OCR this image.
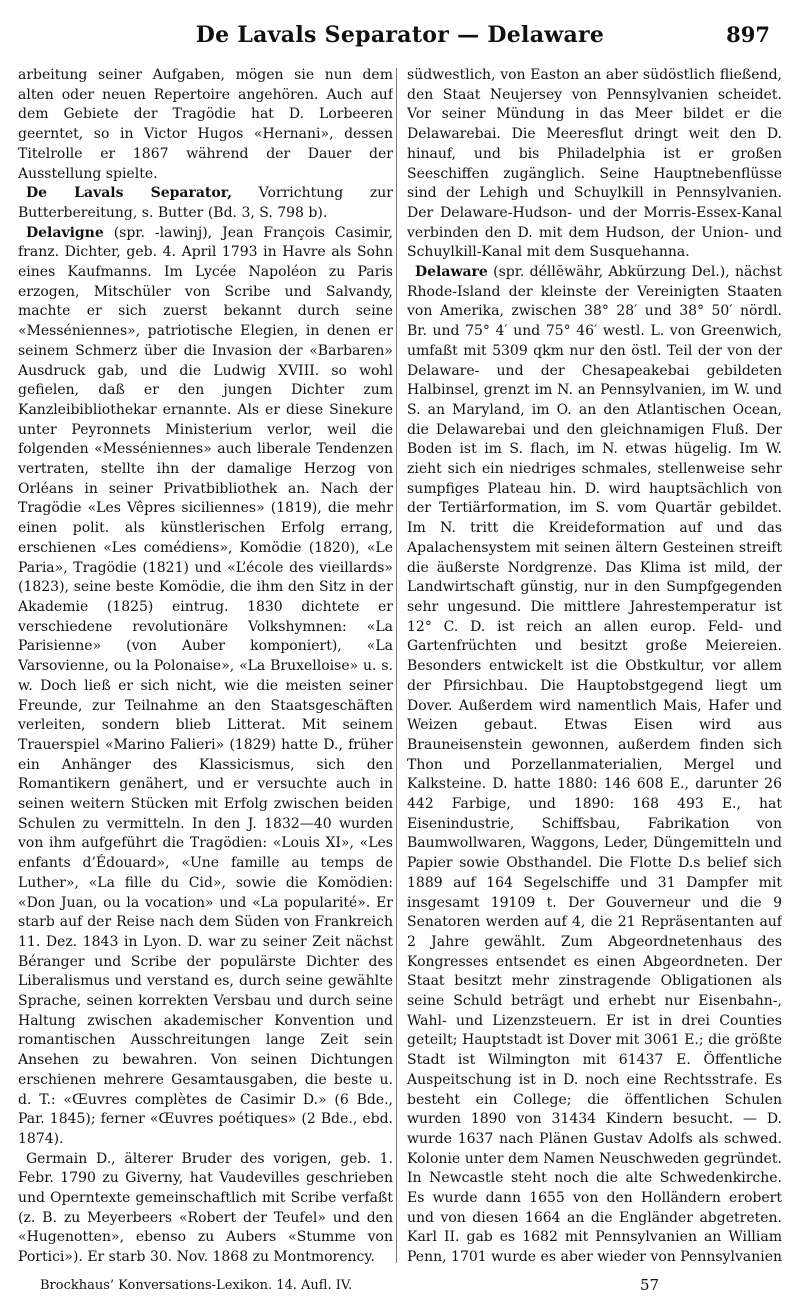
De Lavals Separator — Delaware	897

arbeitung seiner Aufgaben, mögen sie nun dem alten oder neuen Repertoire angehören. Auch auf dem Gebiete der Tragödie hat D. Lorbeeren geerntet, so in Victor Hugos «Hernani», dessen Titelrolle er 1867 während der Dauer der Ausstellung spielte.

De Lavals Separator, Vorrichtung zur Butterbereitung, s. Butter (Bd. 3, S. 798 b).

Delavigne (spr. -lawinj), Jean François Casimir, franz. Dichter, geb. 4. April 1793 in Havre als Sohn eines Kaufmanns. Im Lycée Napoléon zu Paris erzogen, Mitschüler von Scribe und Salvandy, machte er sich zuerst bekannt durch seine «Messéniennes», patriotische Elegien, in denen er seinem Schmerz über die Invasion der «Barbaren» Ausdruck gab, und die Ludwig XVIII. so wohl gefielen, daß er den jungen Dichter zum Kanzleibibliothekar ernannte. Als er diese Sinekure unter Peyronnets Ministerium verlor, weil die folgenden «Messéniennes» auch liberale Tendenzen vertraten, stellte ihn der damalige Herzog von Orléans in seiner Privatbibliothek an. Nach der Tragödie «Les Vêpres siciliennes» (1819), die mehr einen polit. als künstlerischen Erfolg errang, erschienen «Les comédiens», Komödie (1820), «Le Paria», Tragödie (1821) und «L’école des vieillards» (1823), seine beste Komödie, die ihm den Sitz in der Akademie (1825) eintrug. 1830 dichtete er verschiedene revolutionäre Volkshymnen: «La Parisienne» (von Auber komponiert), «La Varsovienne, ou la Polonaise», «La Bruxelloise» u. s. w. Doch ließ er sich nicht, wie die meisten seiner Freunde, zur Teilnahme an den Staatsgeschäften verleiten, sondern blieb Litterat. Mit seinem Trauerspiel «Marino Falieri» (1829) hatte D., früher ein Anhänger des Klassicismus, sich den Romantikern genähert, und er versuchte auch in seinen weitern Stücken mit Erfolg zwischen beiden Schulen zu vermitteln. In den J. 1832—40 wurden von ihm aufgeführt die Tragödien: «Louis XI», «Les enfants d’Édouard», «Une famille au temps de Luther», «La fille du Cid», sowie die Komödien: «Don Juan, ou la vocation» und «La popularité». Er starb auf der Reise nach dem Süden von Frankreich 11. Dez. 1843 in Lyon. D. war zu seiner Zeit nächst Béranger und Scribe der populärste Dichter des Liberalismus und verstand es, durch seine gewählte Sprache, seinen korrekten Versbau und durch seine Haltung zwischen akademischer Konvention und romantischen Ausschreitungen lange Zeit sein Ansehen zu bewahren. Von seinen Dichtungen erschienen mehrere Gesamtausgaben, die beste u. d. T.: «Œuvres complètes de Casimir D.» (6 Bde., Par. 1845); ferner «Œuvres poétiques» (2 Bde., ebd. 1874).

Germain D., älterer Bruder des vorigen, geb. 1. Febr. 1790 zu Giverny, hat Vaudevilles geschrieben und Operntexte gemeinschaftlich mit Scribe verfaßt (z. B. zu Meyerbeers «Robert der Teufel» und den «Hugenotten», ebenso zu Aubers «Stumme von Portici»). Er starb 30. Nov. 1868 zu Montmorency.

südwestlich, von Easton an aber südöstlich fließend, den Staat Neujersey von Pennsylvanien scheidet. Vor seiner Mündung in das Meer bildet er die Delawarebai. Die Meeresflut dringt weit den D. hinauf, und bis Philadelphia ist er großen Seeschiffen zugänglich. Seine Hauptnebenflüsse sind der Lehigh und Schuylkill in Pennsylvanien. Der Delaware-Hudson- und der Morris-Essex-Kanal verbinden den D. mit dem Hudson, der Union- und Schuylkill-Kanal mit dem Susquehanna.

Delaware (spr. déllĕwähr, Abkürzung Del.), nächst Rhode-Island der kleinste der Vereinigten Staaten von Amerika, zwischen 38° 28′ und 38° 50′ nördl. Br. und 75° 4′ und 75° 46′ westl. L. von Greenwich, umfaßt mit 5309 qkm nur den östl. Teil der von der Delaware- und der Chesapeakebai gebildeten Halbinsel, grenzt im N. an Pennsylvanien, im W. und S. an Maryland, im O. an den Atlantischen Ocean, die Delawarebai und den gleichnamigen Fluß. Der Boden ist im S. flach, im N. etwas hügelig. Im W. zieht sich ein niedriges schmales, stellenweise sehr sumpfiges Plateau hin. D. wird hauptsächlich von der Tertiärformation, im S. vom Quartär gebildet. Im N. tritt die Kreideformation auf und das Apalachensystem mit seinen ältern Gesteinen streift die äußerste Nordgrenze. Das Klima ist mild, der Landwirtschaft günstig, nur in den Sumpfgegenden sehr ungesund. Die mittlere Jahrestemperatur ist 12° C. D. ist reich an allen europ. Feld- und Gartenfrüchten und besitzt große Meiereien. Besonders entwickelt ist die Obstkultur, vor allem der Pfirsichbau. Die Hauptobstgegend liegt um Dover. Außerdem wird namentlich Mais, Hafer und Weizen gebaut. Etwas Eisen wird aus Brauneisenstein gewonnen, außerdem finden sich Thon und Porzellanmaterialien, Mergel und Kalksteine. D. hatte 1880: 146 608 E., darunter 26 442 Farbige, und 1890: 168 493 E., hat Eisenindustrie, Schiffsbau, Fabrikation von Baumwollwaren, Waggons, Leder, Düngemitteln und Papier sowie Obsthandel. Die Flotte D.s belief sich 1889 auf 164 Segelschiffe und 31 Dampfer mit insgesamt 19109 t. Der Gouverneur und die 9 Senatoren werden auf 4, die 21 Repräsentanten auf 2 Jahre gewählt. Zum Abgeordnetenhaus des Kongresses entsendet es einen Abgeordneten. Der Staat besitzt mehr zinstragende Obligationen als seine Schuld beträgt und erhebt nur Eisenbahn-, Wahl- und Lizenzsteuern. Er ist in drei Counties geteilt; Hauptstadt ist Dover mit 3061 E.; die größte Stadt ist Wilmington mit 61437 E. Öffentliche Auspeitschung ist in D. noch eine Rechtsstrafe. Es besteht ein College; die öffentlichen Schulen wurden 1890 von 31434 Kindern besucht. — D. wurde 1637 nach Plänen Gustav Adolfs als schwed. Kolonie unter dem Namen Neuschweden gegründet. In Newcastle steht noch die alte Schwedenkirche. Es wurde dann 1655 von den Holländern erobert und von diesen 1664 an die Engländer abgetreten. Karl II. gab es 1682 mit Pennsylvanien an William Penn, 1701 wurde es aber wieder von Pennsylvanien

Brockhaus’ Konversations-Lexikon. 14. Aufl. IV.	57
